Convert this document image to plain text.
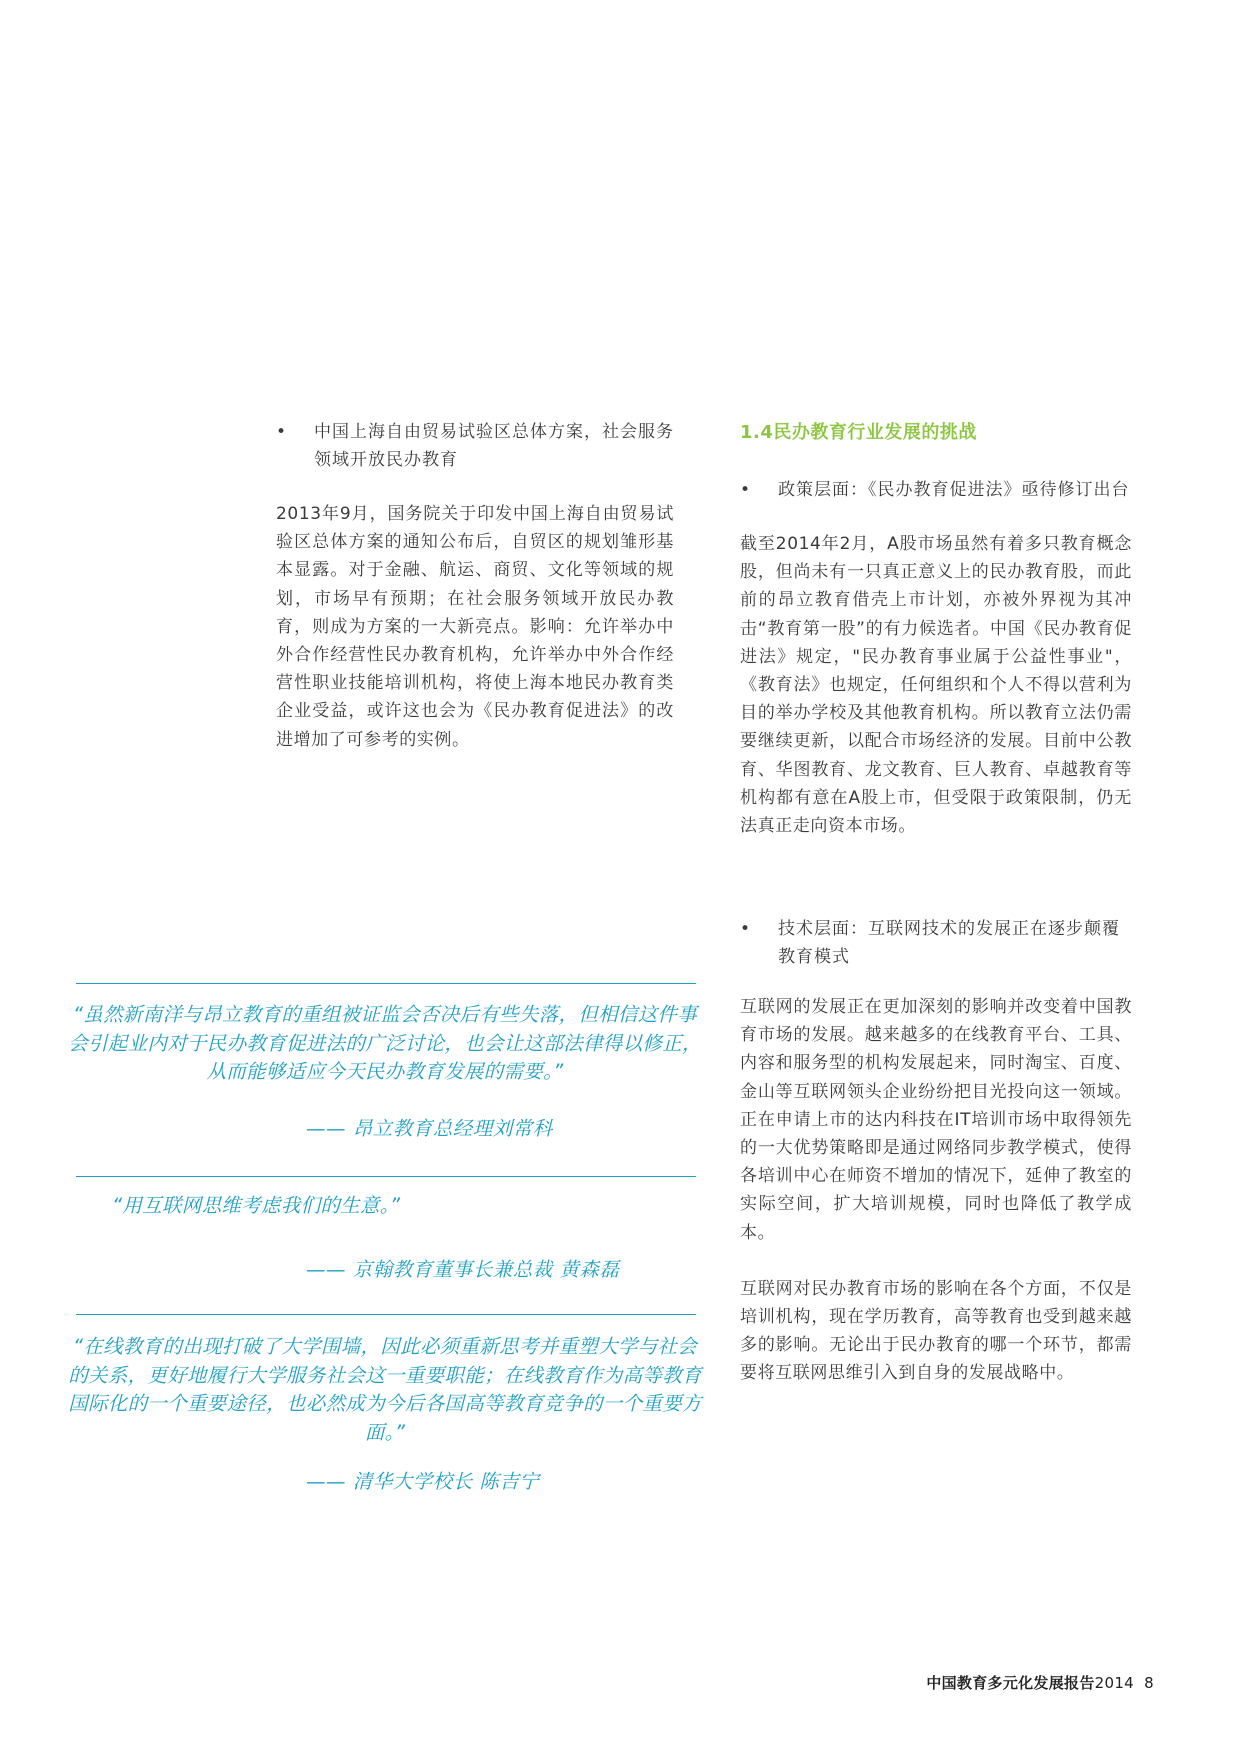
• 中国上海自由贸易试验区总体方案，社会服务领域开放民办教育

2013年9月，国务院关于印发中国上海自由贸易试验区总体方案的通知公布后，自贸区的规划雏形基本显露。对于金融、航运、商贸、文化等领域的规划，市场早有预期；在社会服务领域开放民办教育，则成为方案的一大新亮点。影响：允许举办中外合作经营性民办教育机构，允许举办中外合作经营性职业技能培训机构，将使上海本地民办教育类企业受益，或许这也会为《民办教育促进法》的改进增加了可参考的实例。

1.4民办教育行业发展的挑战
• 政策层面：《民办教育促进法》亟待修订出台

截至2014年2月，A股市场虽然有着多只教育概念股，但尚未有一只真正意义上的民办教育股，而此前的昂立教育借壳上市计划，亦被外界视为其冲击“教育第一股”的有力候选者。中国《民办教育促进法》规定，"民办教育事业属于公益性事业"，《教育法》也规定，任何组织和个人不得以营利为目的举办学校及其他教育机构。所以教育立法仍需要继续更新，以配合市场经济的发展。目前中公教育、华图教育、龙文教育、巨人教育、卓越教育等机构都有意在A股上市，但受限于政策限制，仍无法真正走向资本市场。

• 技术层面：互联网技术的发展正在逐步颠覆教育模式

互联网的发展正在更加深刻的影响并改变着中国教育市场的发展。越来越多的在线教育平台、工具、内容和服务型的机构发展起来，同时淘宝、百度、金山等互联网领头企业纷纷把目光投向这一领域。正在申请上市的达内科技在IT培训市场中取得领先的一大优势策略即是通过网络同步教学模式，使得各培训中心在师资不增加的情况下，延伸了教室的实际空间，扩大培训规模，同时也降低了教学成本。

互联网对民办教育市场的影响在各个方面，不仅是培训机构，现在学历教育，高等教育也受到越来越多的影响。无论出于民办教育的哪一个环节，都需要将互联网思维引入到自身的发展战略中。

“虽然新南洋与昂立教育的重组被证监会否决后有些失落，但相信这件事会引起业内对于民办教育促进法的广泛讨论，也会让这部法律得以修正，从而能够适应今天民办教育发展的需要。”

—— 昂立教育总经理刘常科

“用互联网思维考虑我们的生意。”

—— 京翰教育董事长兼总裁 黄森磊

“在线教育的出现打破了大学围墙，因此必须重新思考并重塑大学与社会的关系，更好地履行大学服务社会这一重要职能；在线教育作为高等教育国际化的一个重要途径，也必然成为今后各国高等教育竞争的一个重要方面。”

—— 清华大学校长 陈吉宁
中国教育多元化发展报告2014 8
